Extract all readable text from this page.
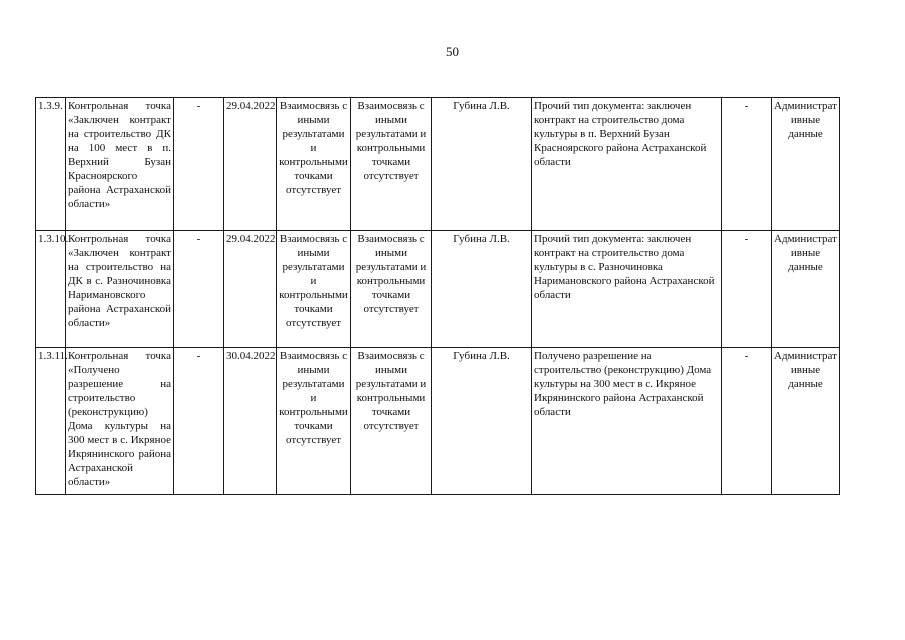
50
1.3.9.	Контрольная точка «Заключен контракт на строительство ДК на 100 мест в п. Верхний Бузан Красноярского района Астраханской области»	-	29.04.2022	Взаимосвязь с иными результатами и контрольными точками отсутствует	Взаимосвязь с иными результатами и контрольными точками отсутствует	Губина Л.В.	Прочий тип документа: заключен контракт на строительство дома культуры в п. Верхний Бузан Красноярского района Астраханской области	-	Административные данные
1.3.10.	Контрольная точка «Заключен контракт на строительство на ДК в с. Разночиновка Наримановского района Астраханской области»	-	29.04.2022	Взаимосвязь с иными результатами и контрольными точками отсутствует	Взаимосвязь с иными результатами и контрольными точками отсутствует	Губина Л.В.	Прочий тип документа: заключен контракт на строительство дома культуры в с. Разночиновка Наримановского района Астраханской области	-	Административные данные
1.3.11.	Контрольная точка «Получено разрешение на строительство (реконструкцию) Дома культуры на 300 мест в с. Икряное Икрянинского района Астраханской области»	-	30.04.2022	Взаимосвязь с иными результатами и контрольными точками отсутствует	Взаимосвязь с иными результатами и контрольными точками отсутствует	Губина Л.В.	Получено разрешение на строительство (реконструкцию) Дома культуры на 300 мест в с. Икряное Икрянинского района Астраханской области	-	Административные данные
